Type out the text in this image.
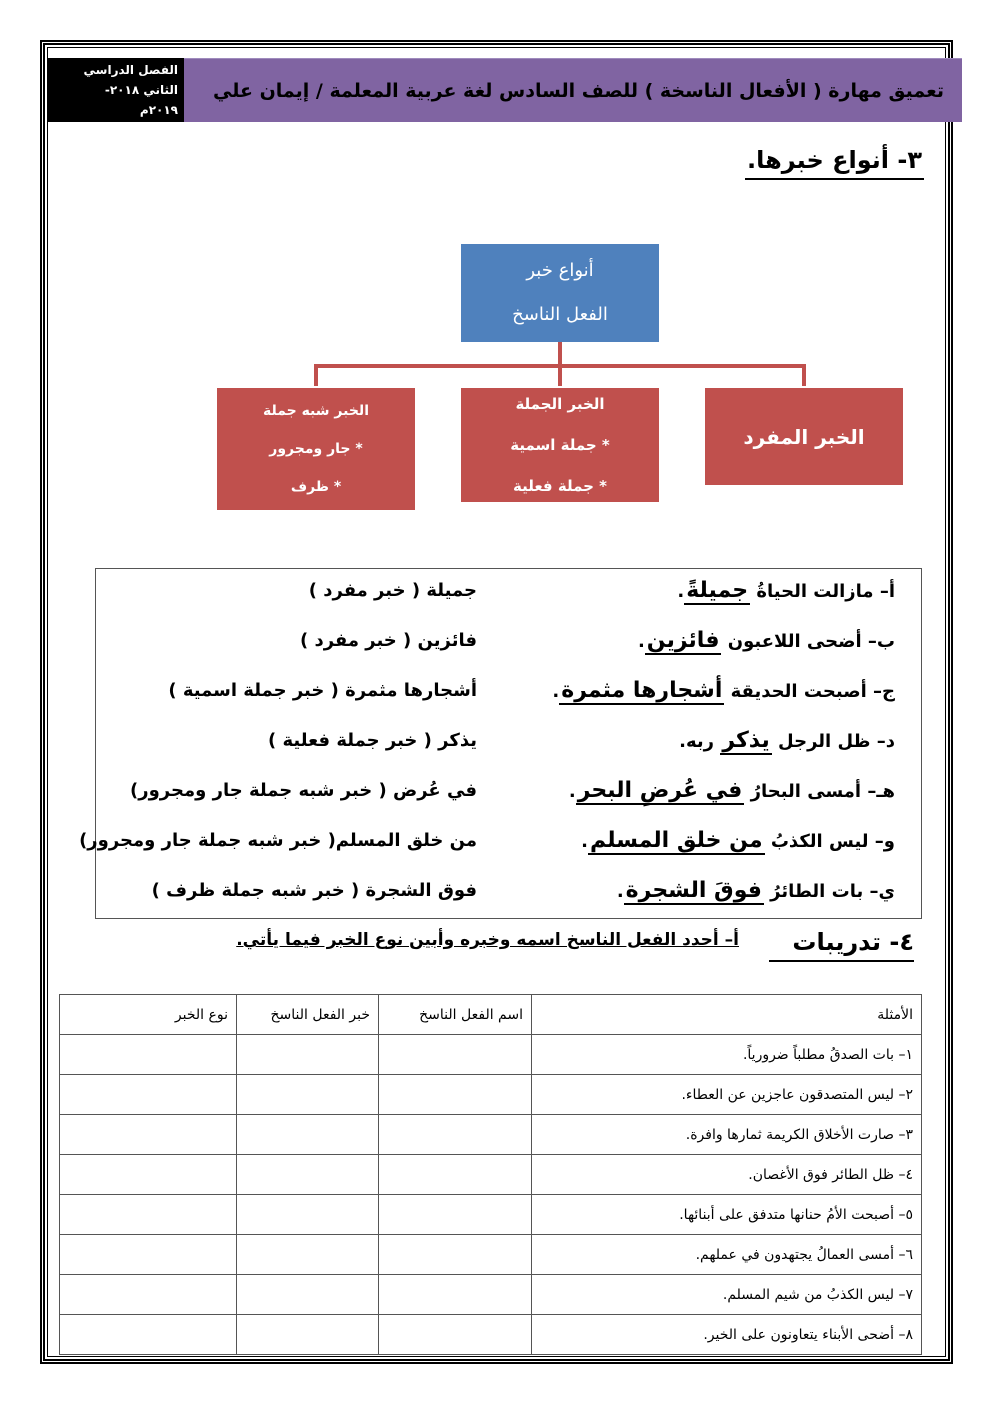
الفصل الدراسي
الثاني ٢٠١٨-
٢٠١٩م
تعميق مهارة ( الأفعال الناسخة ) للصف السادس لغة عربية المعلمة / إيمان علي
٣- أنواع خبرها.
أنواع خبر
الفعل الناسخ
الخبر المفرد
الخبر الجملة
* جملة اسمية
* جملة فعلية
الخبر شبه جملة
* جار ومجرور
* ظرف
أ– مازالت الحياةُ جميلةً.
جميلة ( خبر مفرد )
ب– أضحى اللاعبون فائزين.
فائزين ( خبر مفرد )
ج– أصبحت الحديقة أشجارها مثمرة.
أشجارها مثمرة ( خبر جملة اسمية )
د– ظل الرجل يذكر ربه.
يذكر ( خبر جملة فعلية )
هـ– أمسى البحارُ في عُرضِ البحر.
في عُرض ( خبر شبه جملة جار ومجرور)
و– ليس الكذبُ من خلق المسلم.
من خلق المسلم( خبر شبه جملة جار ومجرور)
ي– بات الطائرُ فوقَ الشجرة.
فوق الشجرة ( خبر شبه جملة ظرف )
٤- تدريبات
أ– أحدد الفعل الناسخ اسمه وخبره وأبين نوع الخبر فيما يأتي.
الأمثلة	اسم الفعل الناسخ	خبر الفعل الناسخ	نوع الخبر
١– بات الصدقُ مطلباً ضرورياً.			
٢– ليس المتصدقون عاجزين عن العطاء.			
٣– صارت الأخلاق الكريمة ثمارها وافرة.			
٤– ظل الطائر فوق الأغصان.			
٥– أصبحت الأمُ حنانها متدفق على أبنائها.			
٦– أمسى العمالُ يجتهدون في عملهم.			
٧– ليس الكذبُ من شيم المسلم.			
٨– أضحى الأبناء يتعاونون على الخير.			
